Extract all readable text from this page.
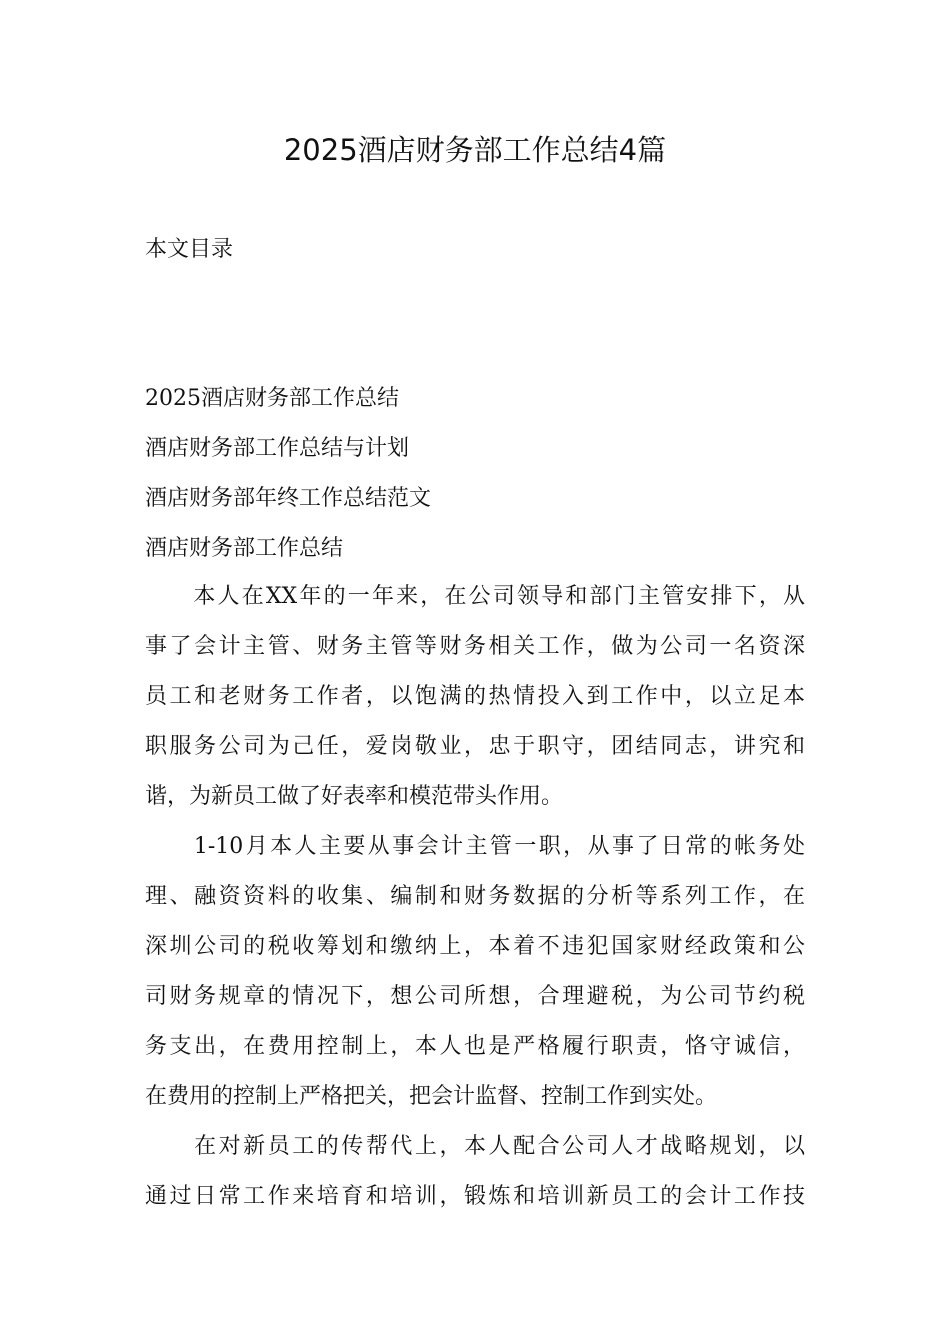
2025酒店财务部工作总结4篇
本文目录
2025酒店财务部工作总结
酒店财务部工作总结与计划
酒店财务部年终工作总结范文
酒店财务部工作总结

　　本人在XX年的一年来，在公司领导和部门主管安排下，从
事了会计主管、财务主管等财务相关工作，做为公司一名资深
员工和老财务工作者，以饱满的热情投入到工作中，以立足本
职服务公司为己任，爱岗敬业，忠于职守，团结同志，讲究和
谐，为新员工做了好表率和模范带头作用。

　　1-10月本人主要从事会计主管一职，从事了日常的帐务处
理、融资资料的收集、编制和财务数据的分析等系列工作，在
深圳公司的税收筹划和缴纳上，本着不违犯国家财经政策和公
司财务规章的情况下，想公司所想，合理避税，为公司节约税
务支出，在费用控制上，本人也是严格履行职责，恪守诚信，
在费用的控制上严格把关，把会计监督、控制工作到实处。

　　在对新员工的传帮代上，本人配合公司人才战略规划，以
通过日常工作来培育和培训，锻炼和培训新员工的会计工作技
